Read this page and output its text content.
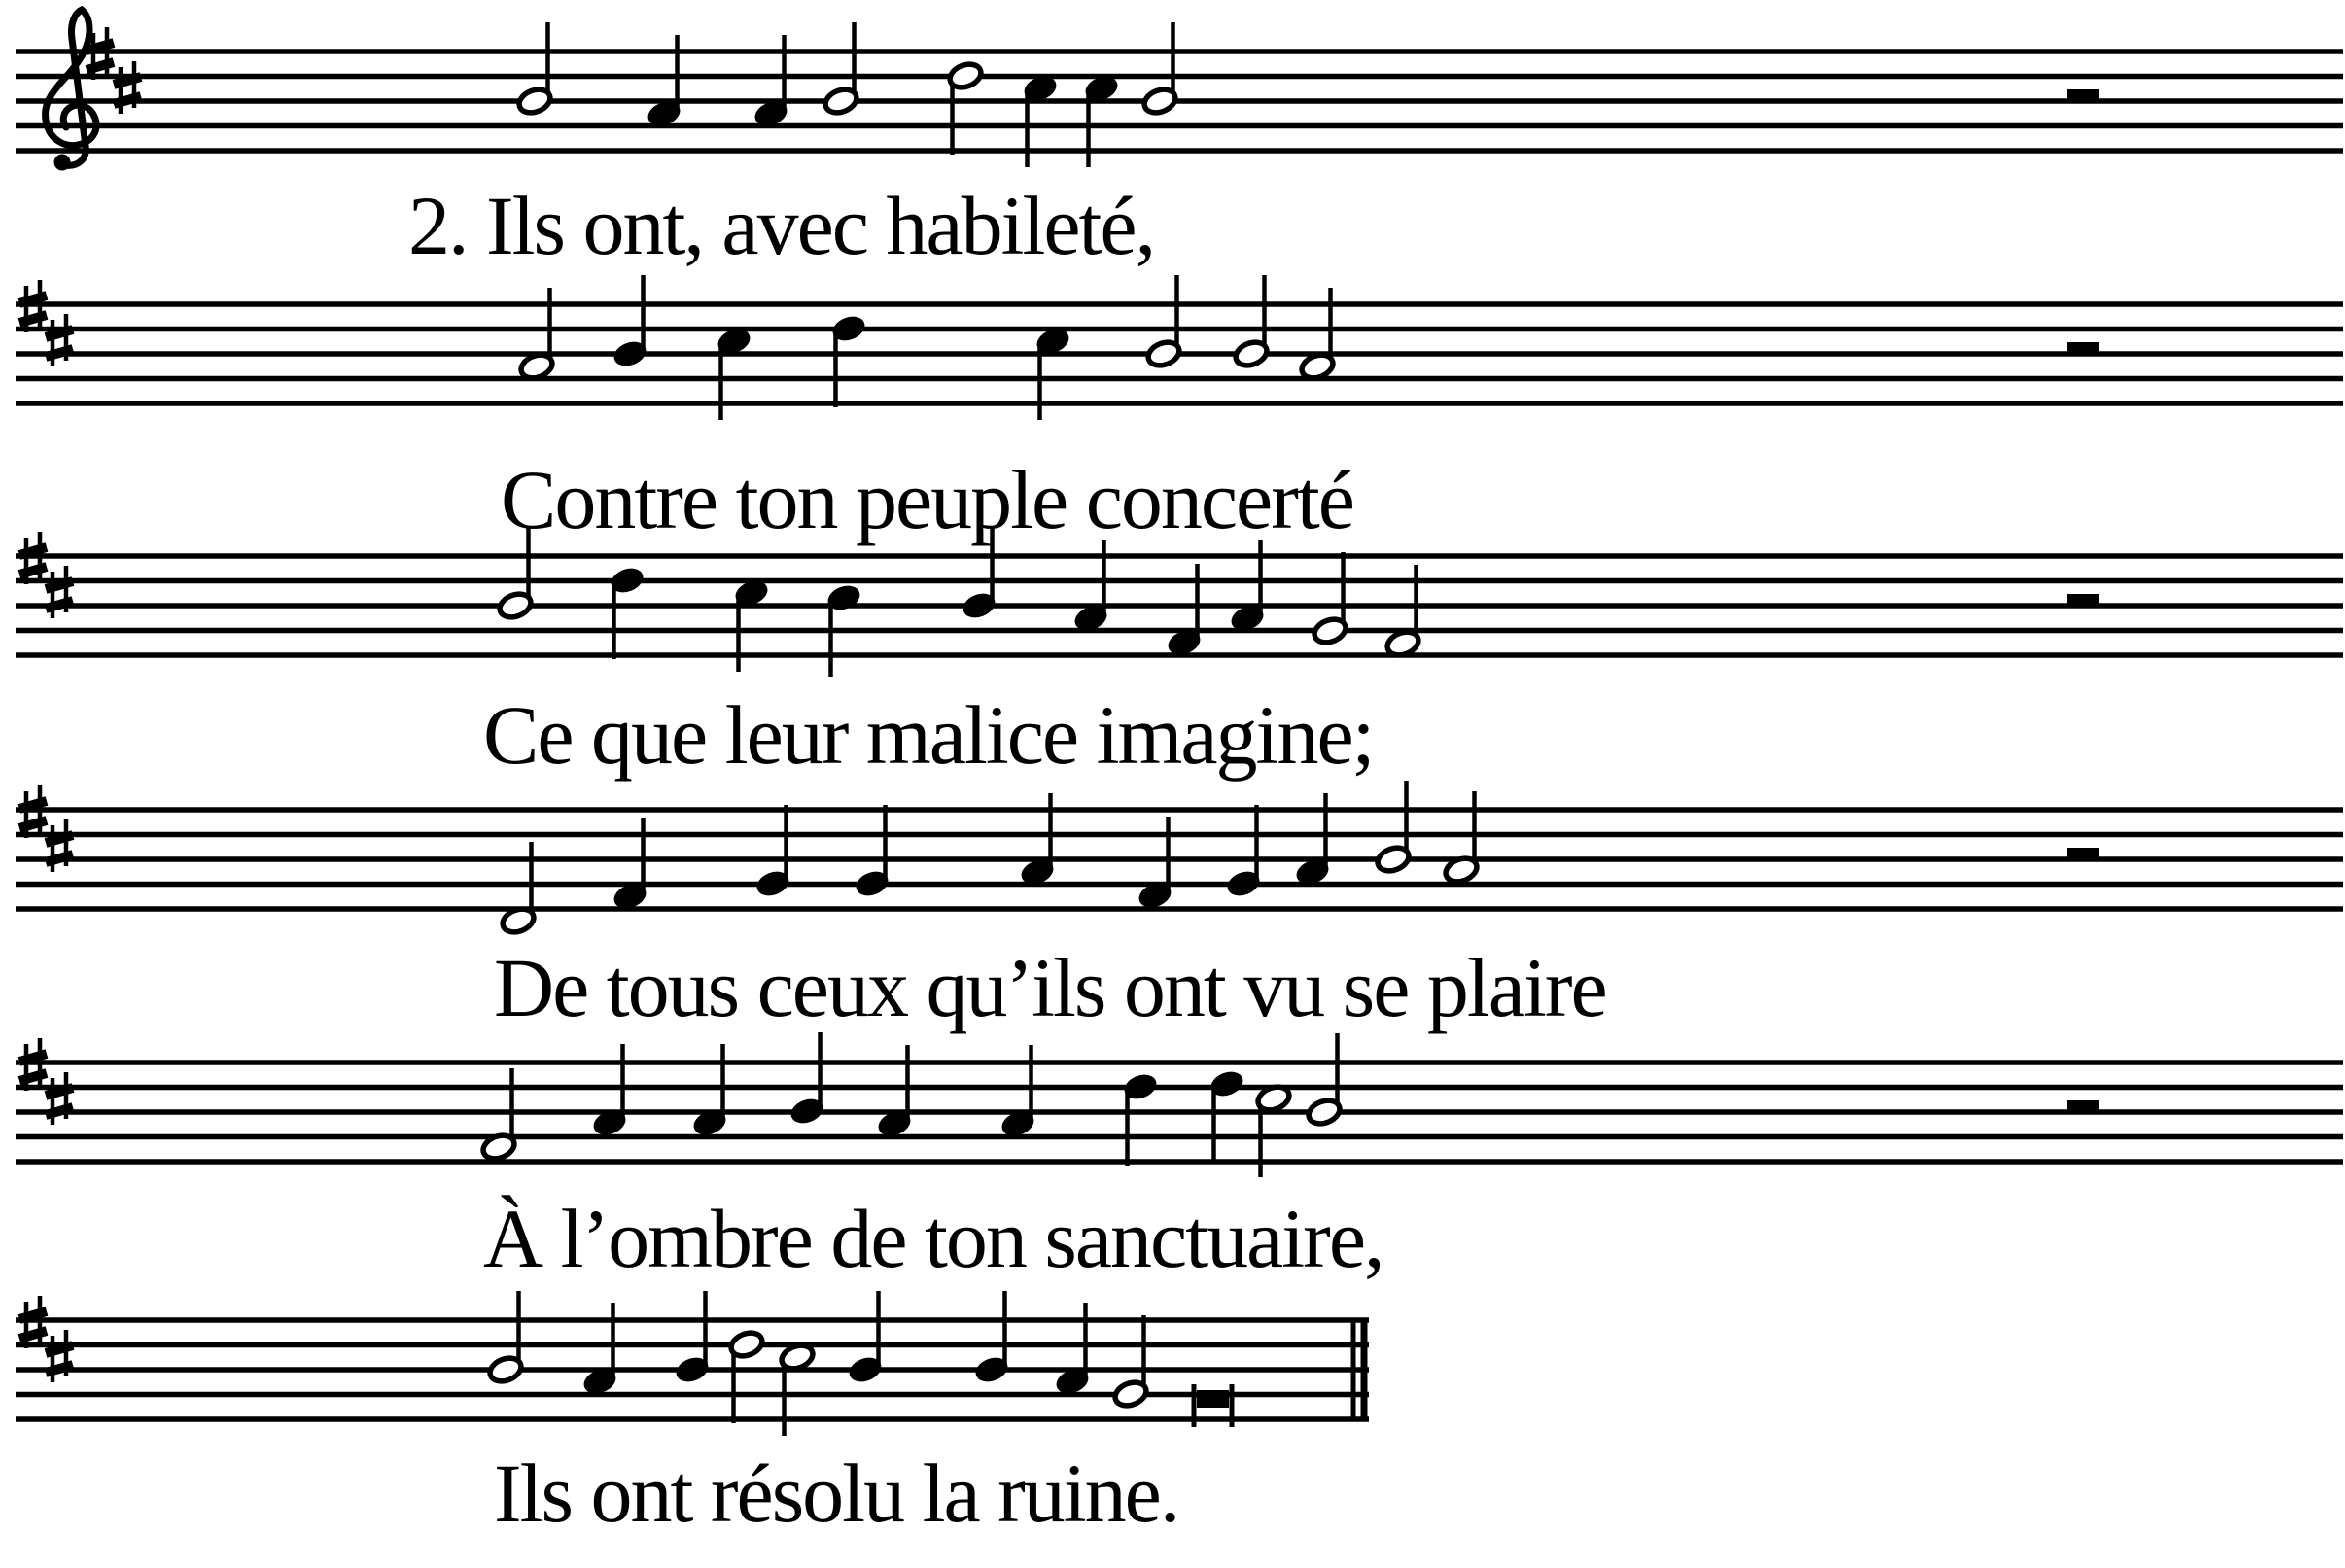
2. Ils ont, avec habileté,
Contre ton peuple concerté
Ce que leur malice imagine;
De tous ceux qu’ils ont vu se plaire
À l’ombre de ton sanctuaire,
Ils ont résolu la ruine.
